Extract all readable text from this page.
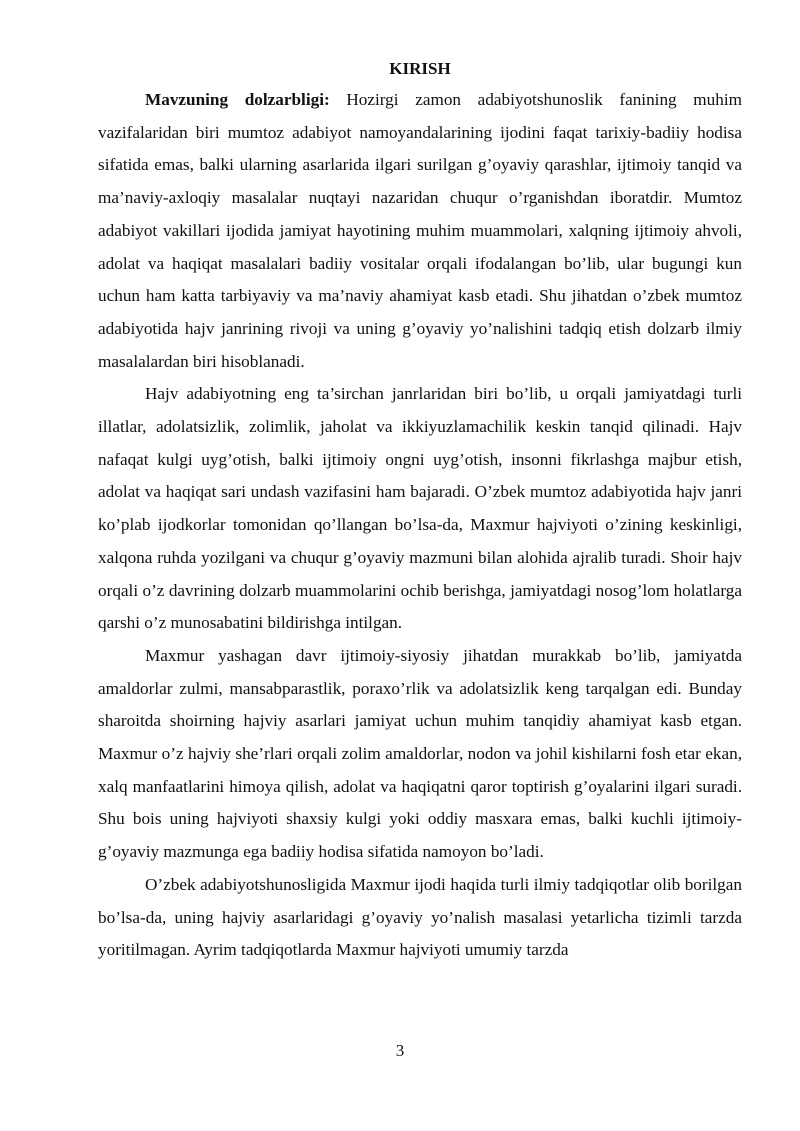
KIRISH

Mavzuning dolzarbligi: Hozirgi zamon adabiyotshunoslik fanining muhim vazifalaridan biri mumtoz adabiyot namoyandalarining ijodini faqat tarixiy-badiiy hodisa sifatida emas, balki ularning asarlarida ilgari surilgan g’oyaviy qarashlar, ijtimoiy tanqid va ma’naviy-axloqiy masalalar nuqtayi nazaridan chuqur o’rganishdan iboratdir. Mumtoz adabiyot vakillari ijodida jamiyat hayotining muhim muammolari, xalqning ijtimoiy ahvoli, adolat va haqiqat masalalari badiiy vositalar orqali ifodalangan bo’lib, ular bugungi kun uchun ham katta tarbiyaviy va ma’naviy ahamiyat kasb etadi. Shu jihatdan o’zbek mumtoz adabiyotida hajv janrining rivoji va uning g’oyaviy yo’nalishini tadqiq etish dolzarb ilmiy masalalardan biri hisoblanadi.

Hajv adabiyotning eng ta’sirchan janrlaridan biri bo’lib, u orqali jamiyatdagi turli illatlar, adolatsizlik, zolimlik, jaholat va ikkiyuzlamachilik keskin tanqid qilinadi. Hajv nafaqat kulgi uyg’otish, balki ijtimoiy ongni uyg’otish, insonni fikrlashga majbur etish, adolat va haqiqat sari undash vazifasini ham bajaradi. O’zbek mumtoz adabiyotida hajv janri ko’plab ijodkorlar tomonidan qo’llangan bo’lsa-da, Maxmur hajviyoti o’zining keskinligi, xalqona ruhda yozilgani va chuqur g’oyaviy mazmuni bilan alohida ajralib turadi. Shoir hajv orqali o’z davrining dolzarb muammolarini ochib berishga, jamiyatdagi nosog’lom holatlarga qarshi o’z munosabatini bildirishga intilgan.

Maxmur yashagan davr ijtimoiy-siyosiy jihatdan murakkab bo’lib, jamiyatda amaldorlar zulmi, mansabparastlik, poraxo’rlik va adolatsizlik keng tarqalgan edi. Bunday sharoitda shoirning hajviy asarlari jamiyat uchun muhim tanqidiy ahamiyat kasb etgan. Maxmur o’z hajviy she’rlari orqali zolim amaldorlar, nodon va johil kishilarni fosh etar ekan, xalq manfaatlarini himoya qilish, adolat va haqiqatni qaror toptirish g’oyalarini ilgari suradi. Shu bois uning hajviyoti shaxsiy kulgi yoki oddiy masxara emas, balki kuchli ijtimoiy-g’oyaviy mazmunga ega badiiy hodisa sifatida namoyon bo’ladi.

O’zbek adabiyotshunosligida Maxmur ijodi haqida turli ilmiy tadqiqotlar olib borilgan bo’lsa-da, uning hajviy asarlaridagi g’oyaviy yo’nalish masalasi yetarlicha tizimli tarzda yoritilmagan. Ayrim tadqiqotlarda Maxmur hajviyoti umumiy tarzda

3
